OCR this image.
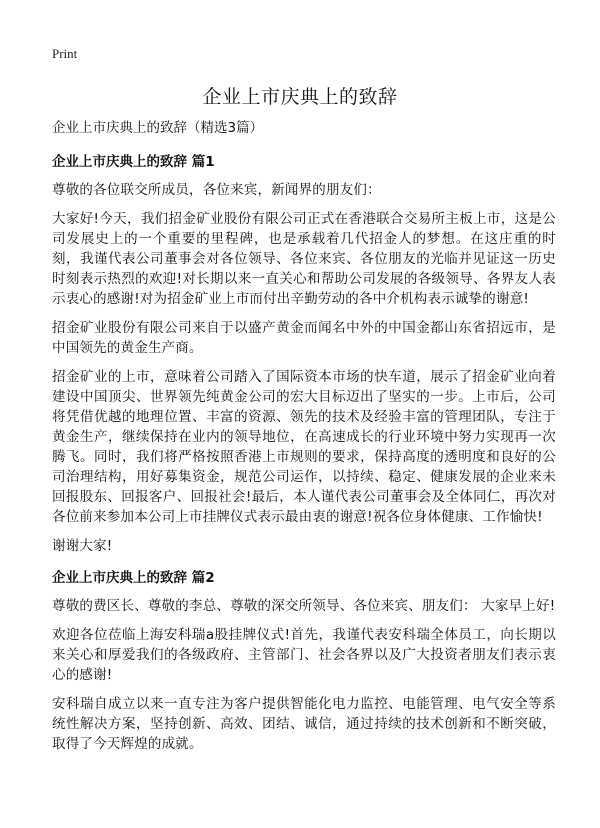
Print
企业上市庆典上的致辞
企业上市庆典上的致辞（精选3篇）
企业上市庆典上的致辞 篇1

尊敬的各位联交所成员，各位来宾，新闻界的朋友们：

大家好!今天，我们招金矿业股份有限公司正式在香港联合交易所主板上市，这是公司发展史上的一个重要的里程碑，也是承载着几代招金人的梦想。在这庄重的时刻，我谨代表公司董事会对各位领导、各位来宾、各位朋友的光临并见证这一历史时刻表示热烈的欢迎!对长期以来一直关心和帮助公司发展的各级领导、各界友人表示衷心的感谢!对为招金矿业上市而付出辛勤劳动的各中介机构表示诚挚的谢意!

招金矿业股份有限公司来自于以盛产黄金而闻名中外的中国金都山东省招远市，是中国领先的黄金生产商。

招金矿业的上市，意味着公司踏入了国际资本市场的快车道，展示了招金矿业向着建设中国顶尖、世界领先纯黄金公司的宏大目标迈出了坚实的一步。上市后，公司将凭借优越的地理位置、丰富的资源、领先的技术及经验丰富的管理团队，专注于黄金生产，继续保持在业内的领导地位，在高速成长的行业环境中努力实现再一次腾飞。同时，我们将严格按照香港上市规则的要求，保持高度的透明度和良好的公司治理结构，用好募集资金，规范公司运作，以持续、稳定、健康发展的企业来未回报股东、回报客户、回报社会!最后，本人谨代表公司董事会及全体同仁，再次对各位前来参加本公司上市挂牌仪式表示最由衷的谢意!祝各位身体健康、工作愉快!

谢谢大家!

企业上市庆典上的致辞 篇2

尊敬的费区长、尊敬的李总、尊敬的深交所领导、各位来宾、朋友们： 大家早上好!

欢迎各位莅临上海安科瑞a股挂牌仪式!首先，我谨代表安科瑞全体员工，向长期以来关心和厚爱我们的各级政府、主管部门、社会各界以及广大投资者朋友们表示衷心的感谢!

安科瑞自成立以来一直专注为客户提供智能化电力监控、电能管理、电气安全等系统性解决方案，坚持创新、高效、团结、诚信，通过持续的技术创新和不断突破，取得了今天辉煌的成就。
